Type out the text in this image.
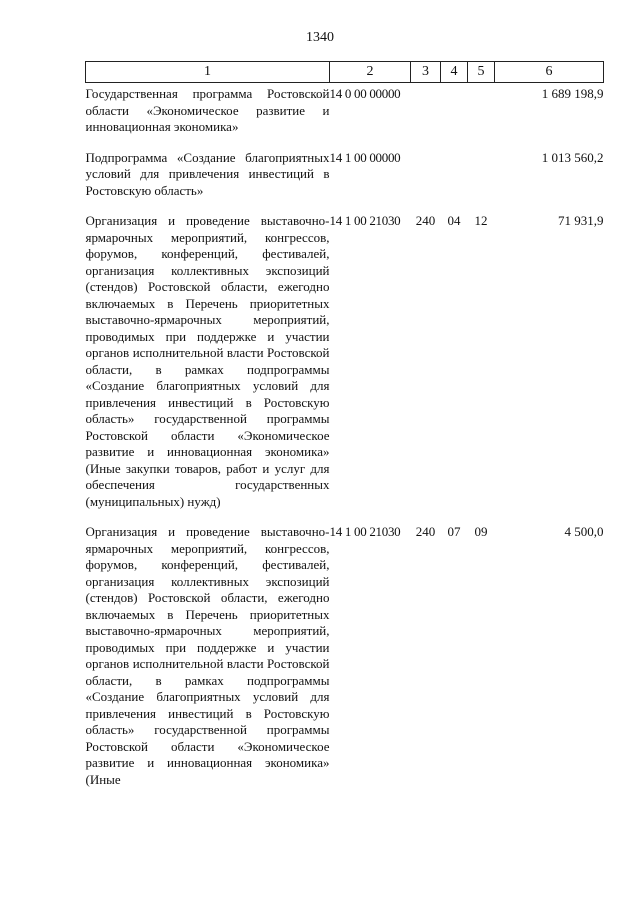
1340
1	2	3	4	5	6
Государственная программа Ростовской области «Экономическое развитие и инновационная экономика»	14 0 00 00000				1 689 198,9
Подпрограмма «Создание благоприятных условий для привлечения инвестиций в Ростовскую область»	14 1 00 00000				1 013 560,2
Организация и проведение выставочно-ярмарочных мероприятий, конгрессов, форумов, конференций, фестивалей, организация коллективных экспозиций (стендов) Ростовской области, ежегодно включаемых в Перечень приоритетных выставочно-ярмарочных мероприятий, проводимых при поддержке и участии органов исполнительной власти Ростовской области, в рамках подпрограммы «Создание благоприятных условий для привлечения инвестиций в Ростовскую область» государственной программы Ростовской области «Экономическое развитие и инновационная экономика» (Иные закупки товаров, работ и услуг для обеспечения государственных (муниципальных) нужд)	14 1 00 21030	240	04	12	71 931,9
Организация и проведение выставочно-ярмарочных мероприятий, конгрессов, форумов, конференций, фестивалей, организация коллективных экспозиций (стендов) Ростовской области, ежегодно включаемых в Перечень приоритетных выставочно-ярмарочных мероприятий, проводимых при поддержке и участии органов исполнительной власти Ростовской области, в рамках подпрограммы «Создание благоприятных условий для привлечения инвестиций в Ростовскую область» государственной программы Ростовской области «Экономическое развитие и инновационная экономика» (Иные	14 1 00 21030	240	07	09	4 500,0
